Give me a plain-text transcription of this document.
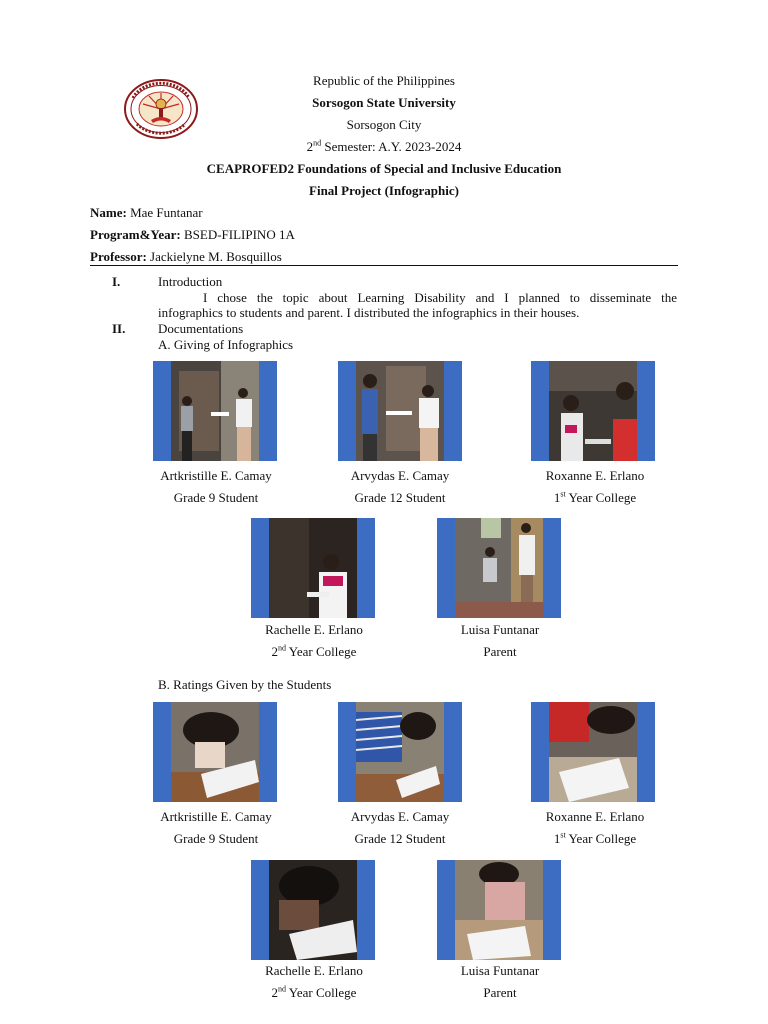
Republic of the Philippines
Sorsogon State University
Sorsogon City
2nd Semester: A.Y. 2023-2024
CEAPROFED2 Foundations of Special and Inclusive Education
Final Project (Infographic)
Name: Mae Funtanar
Program&Year: BSED-FILIPINO 1A
Professor: Jackielyne M. Bosquillos
I.	Introduction
I chose the topic about Learning Disability and I planned to disseminate the
infographics to students and parent. I distributed the infographics in their houses.
II.	Documentations
A. Giving of Infographics
Artkristille E. Camay
Grade 9 Student
Arvydas E. Camay
Grade 12 Student
Roxanne E. Erlano
1st Year College
Rachelle E. Erlano
2nd Year College
Luisa Funtanar
Parent
B. Ratings Given by the Students
Artkristille E. Camay
Grade 9 Student
Arvydas E. Camay
Grade 12 Student
Roxanne E. Erlano
1st Year College
Rachelle E. Erlano
2nd Year College
Luisa Funtanar
Parent
